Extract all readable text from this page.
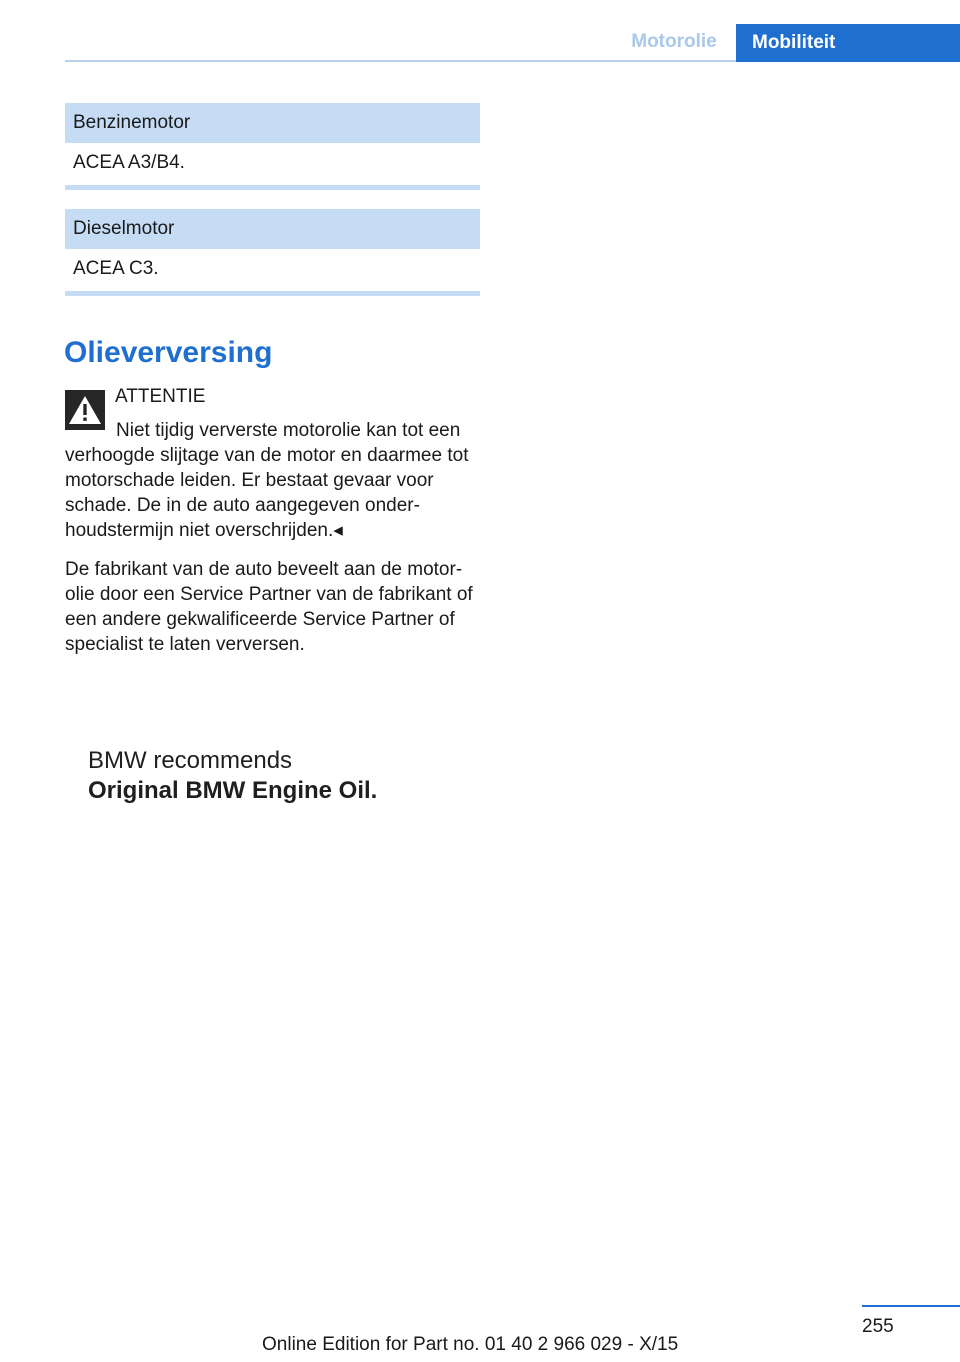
Motorolie	Mobiliteit
Benzinemotor
ACEA A3/B4.
Dieselmotor
ACEA C3.
Olieverversing
ATTENTIE

Niet tijdig ververste motorolie kan tot een verhoogde slijtage van de motor en daarmee tot motorschade leiden. Er bestaat gevaar voor schade. De in de auto aangegeven onderhoudstermijn niet overschrijden.◂

De fabrikant van de auto beveelt aan de motorolie door een Service Partner van de fabrikant of een andere gekwalificeerde Service Partner of specialist te laten verversen.

BMW recommends
Original BMW Engine Oil.
255
Online Edition for Part no. 01 40 2 966 029 - X/15
